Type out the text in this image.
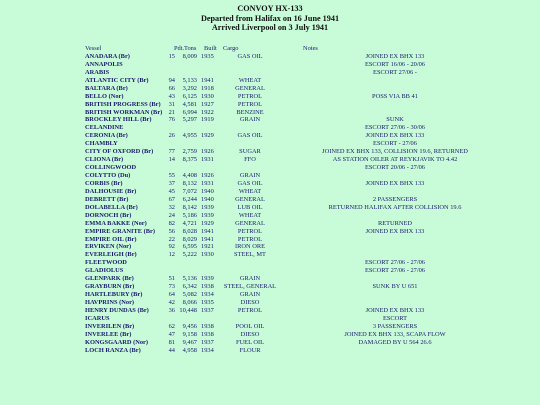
CONVOY HX-133
Departed from Halifax on 16 June 1941
Arrived Liverpool on 3 July 1941
Vessel	Pdt. Tons Built Cargo	Notes
ANADARA (Br)	15	8,009 1935	GAS OIL	JOINED EX BHX 133
ANNAPOLIS	ESCORT 16/06 - 20/06
ARABIS	ESCORT 27/06 -
ATLANTIC CITY (Br)	94	5,133 1941	WHEAT
BALTARA (Br)	66	3,292 1918	GENERAL
BELLO (Nor)	43	6,125 1930	PETROL	POSS VIA BB 41
BRITISH PROGRESS (Br)	31	4,581 1927	PETROL
BRITISH WORKMAN (Br) 21	6,994 1922	BENZINE
BROCKLEY HILL (Br)	76	5,297 1919	GRAIN	SUNK
CELANDINE	ESCORT 27/06 - 30/06
CERONIA (Br)	26	4,955 1929	GAS OIL	JOINED EX BHX 133
CHAMBLY	ESCORT - 27/06
CITY OF OXFORD (Br)	77	2,759 1926	SUGAR	JOINED EX BHX 133, COLLISION 19.6, RETURNED
CLIONA (Br)	14	8,375 1931	FFO	AS STATION OILER AT REYKJAVIK TO 4.42
COLLINGWOOD	ESCORT 20/06 - 27/06
COLYTTO (Du)	55	4,408 1926	GRAIN
CORBIS (Br)	37	8,132 1931	GAS OIL	JOINED EX BHX 133
DALHOUSIE (Br)	45	7,072 1940	WHEAT
DEBRETT (Br)	67	6,244 1940	GENERAL	2 PASSENGERS
DOLABELLA (Br)	32	8,142 1939	LUB OIL	RETURNED HALIFAX AFTER COLLISION 19.6
DORNOCH (Br)	24	5,186 1939	WHEAT
EMMA BAKKE (Nor)	82	4,721 1929	GENERAL	RETURNED
EMPIRE GRANITE (Br)	56	8,028 1941	PETROL	JOINED EX BHX 133
EMPIRE OIL (Br)	22	8,029 1941	PETROL
ERVIKEN (Nor)	92	6,595 1921	IRON ORE
EVERLEIGH (Br)	12	5,222 1930	STEEL, MT
FLEETWOOD	ESCORT 27/06 - 27/06
GLADIOLUS	ESCORT 27/06 - 27/06
GLENPARK (Br)	51	5,136 1939	GRAIN
GRAYBURN (Br)	73	6,342 1938	STEEL, GENERAL	SUNK BY U 651
HARTLEBURY (Br)	64	5,082 1934	GRAIN
HAVPRINS (Nor)	42	8,066 1935	DIESO
HENRY DUNDAS (Br)	36 10,448 1937	PETROL	JOINED EX BHX 133
ICARUS	ESCORT
INVERILEN (Br)	62	9,456 1938	POOL OIL	3 PASSENGERS
INVERLEE (Br)	47	9,158 1938	DIESO	JOINED EX BHX 133, SCAPA FLOW
KONGSGAARD (Nor)	81	9,467 1937	FUEL OIL	DAMAGED BY U 564 26.6
LOCH RANZA (Br)	44	4,958 1934	FLOUR
